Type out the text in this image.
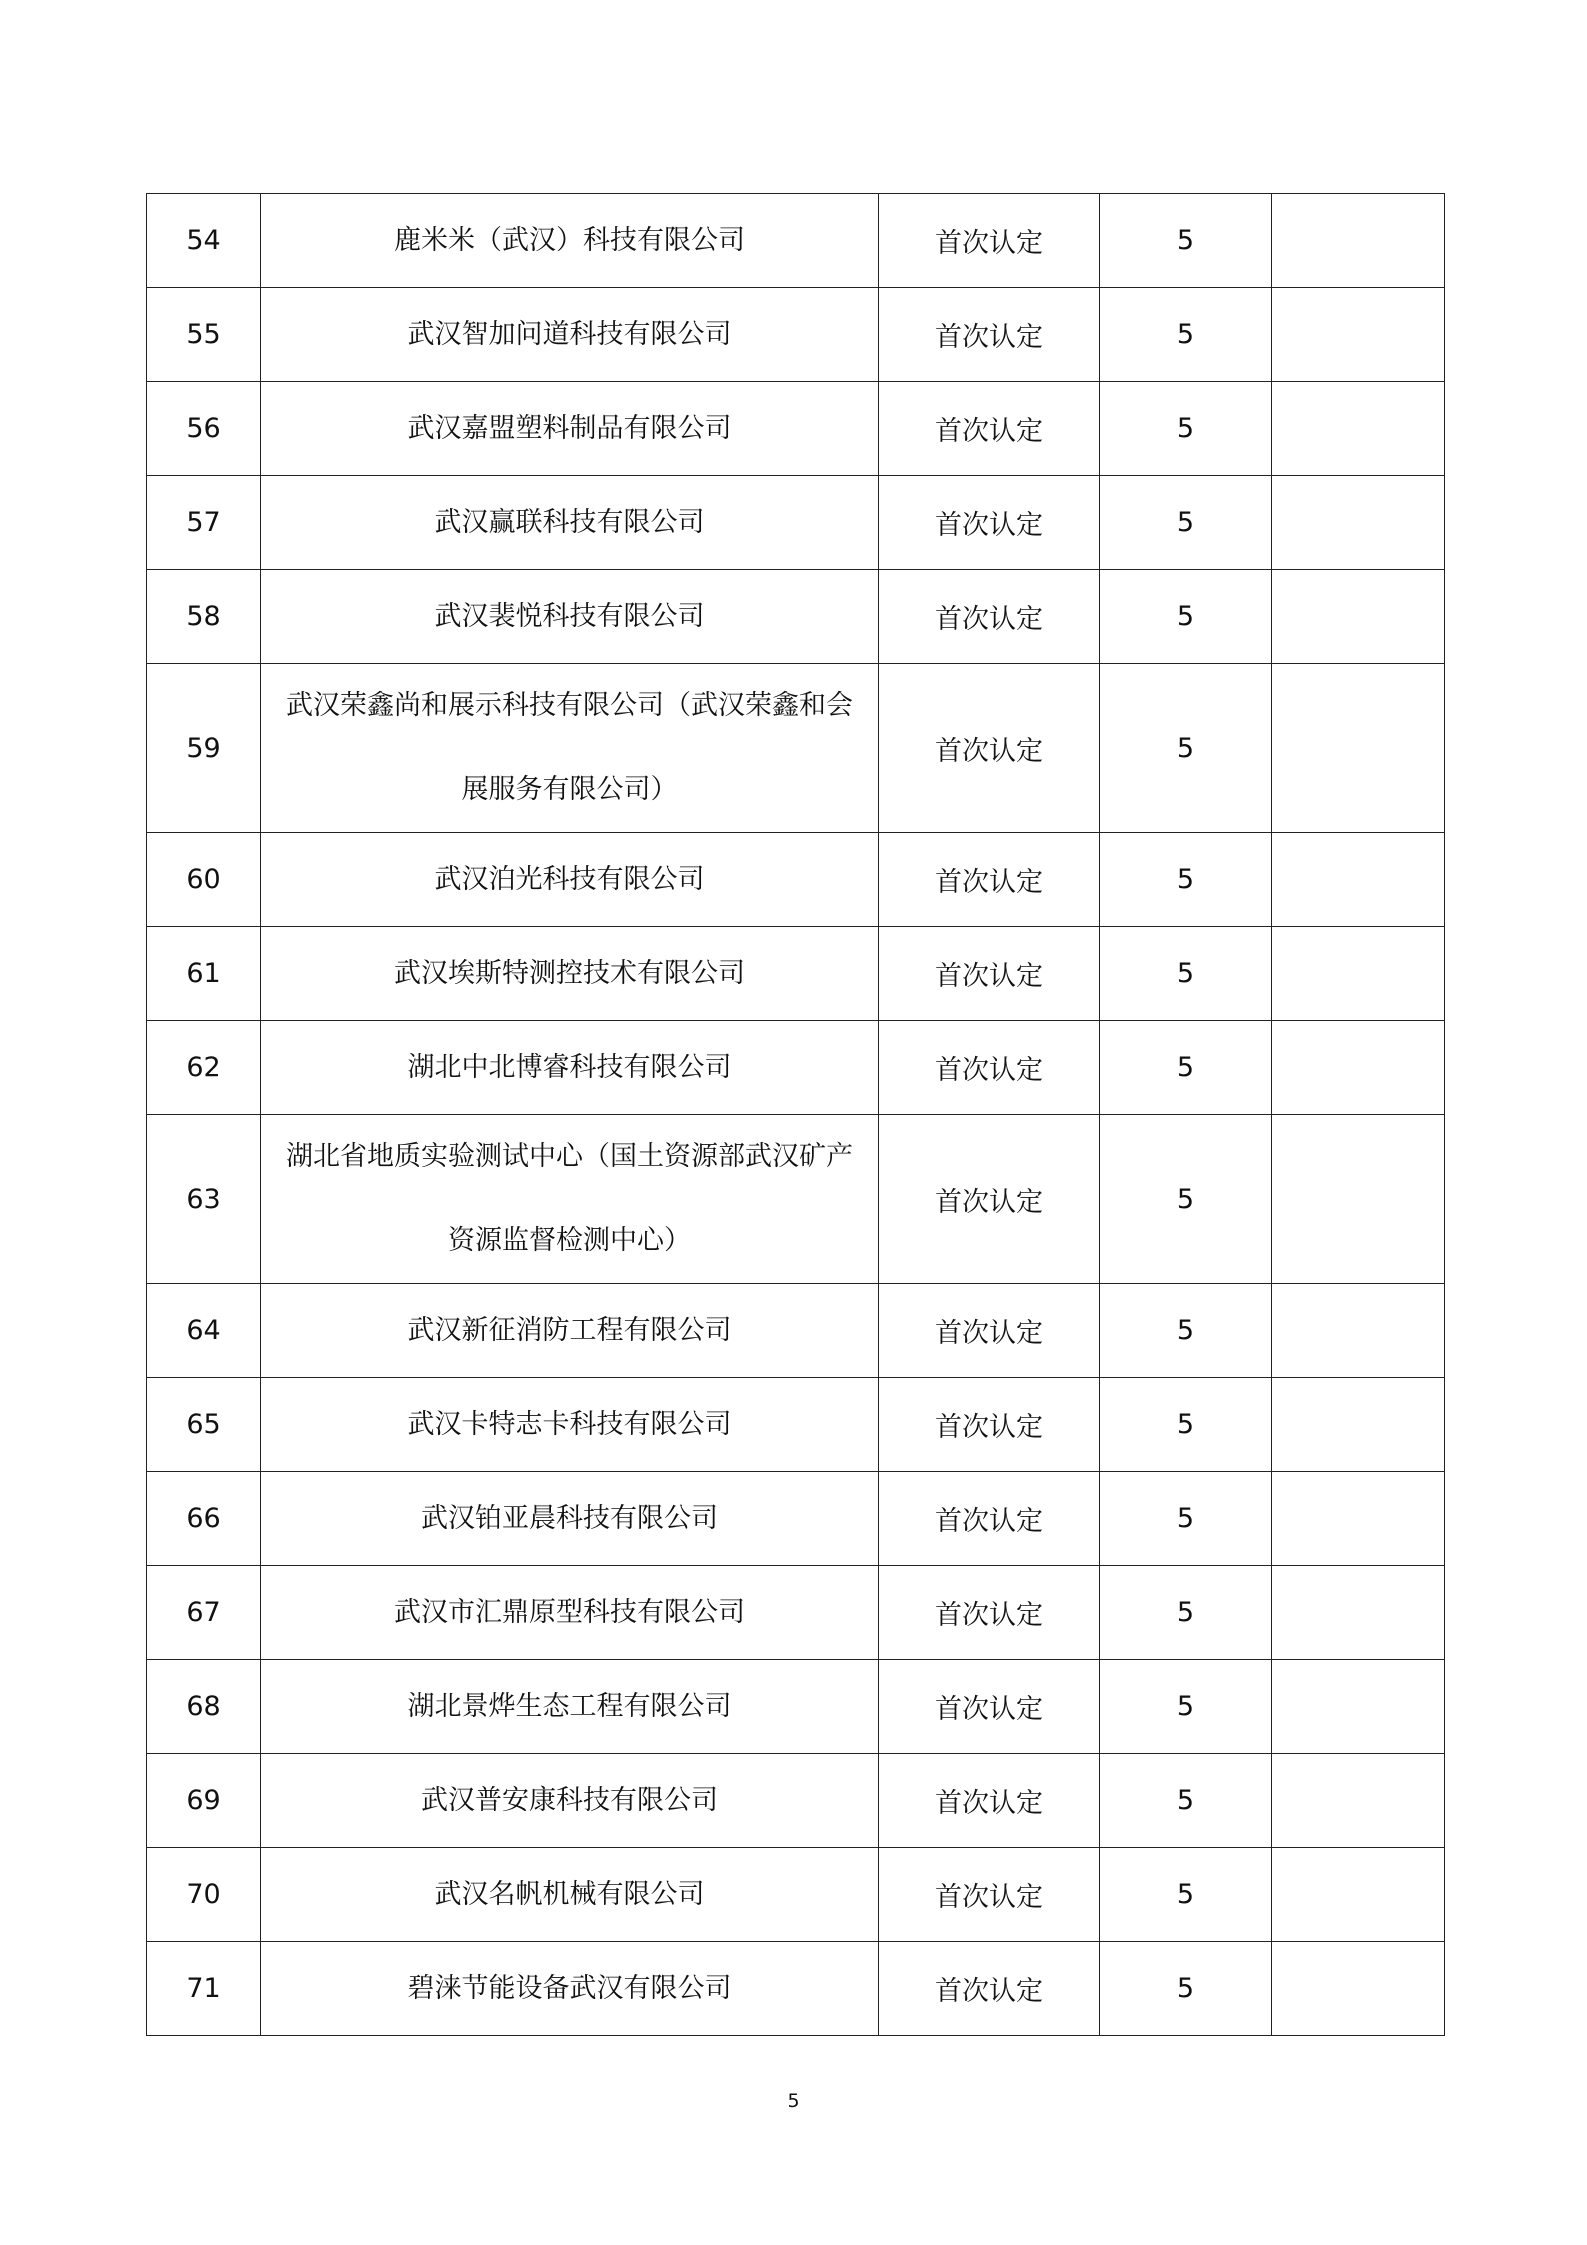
54	鹿米米（武汉）科技有限公司	首次认定	5	
55	武汉智加问道科技有限公司	首次认定	5	
56	武汉嘉盟塑料制品有限公司	首次认定	5	
57	武汉赢联科技有限公司	首次认定	5	
58	武汉裴悦科技有限公司	首次认定	5	
59	武汉荣鑫尚和展示科技有限公司（武汉荣鑫和会展服务有限公司）	首次认定	5	
60	武汉泊光科技有限公司	首次认定	5	
61	武汉埃斯特测控技术有限公司	首次认定	5	
62	湖北中北博睿科技有限公司	首次认定	5	
63	湖北省地质实验测试中心（国土资源部武汉矿产资源监督检测中心）	首次认定	5	
64	武汉新征消防工程有限公司	首次认定	5	
65	武汉卡特志卡科技有限公司	首次认定	5	
66	武汉铂亚晨科技有限公司	首次认定	5	
67	武汉市汇鼎原型科技有限公司	首次认定	5	
68	湖北景烨生态工程有限公司	首次认定	5	
69	武汉普安康科技有限公司	首次认定	5	
70	武汉名帆机械有限公司	首次认定	5	
71	碧涞节能设备武汉有限公司	首次认定	5	
5
